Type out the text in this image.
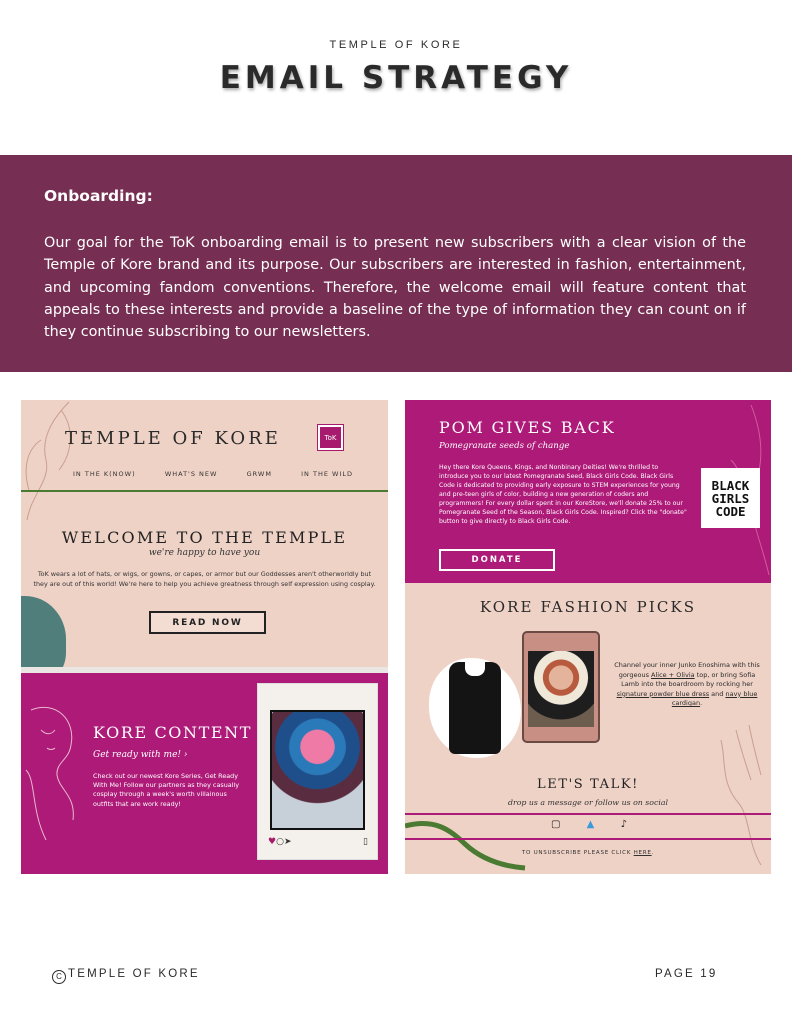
TEMPLE OF KORE
EMAIL STRATEGY
Onboarding:
Our goal for the ToK onboarding email is to present new subscribers with a clear vision of the Temple of Kore brand and its purpose. Our subscribers are interested in fashion, entertainment, and upcoming fandom conventions. Therefore, the welcome email will feature content that appeals to these interests and provide a baseline of the type of information they can count on if they continue subscribing to our newsletters.
TEMPLE OF KORE	ToK
IN THE K(NOW)	WHAT'S NEW	GRWM	IN THE WILD
WELCOME TO THE TEMPLE
we're happy to have you
ToK wears a lot of hats, or wigs, or gowns, or capes, or armor but our Goddesses aren't otherworldly but they are out of this world! We're here to help you achieve greatness through self expression using cosplay.
READ NOW
KORE CONTENT
Get ready with me! ›
Check out our newest Kore Series, Get Ready With Me! Follow our partners as they casually cosplay through a week's worth villainous outfits that are work ready!
♥ ○ ➤	▯
POM GIVES BACK
Pomegranate seeds of change
Hey there Kore Queens, Kings, and Nonbinary Deities! We're thrilled to introduce you to our latest Pomegranate Seed, Black Girls Code. Black Girls Code is dedicated to providing early exposure to STEM experiences for young and pre-teen girls of color, building a new generation of coders and programmers! For every dollar spent in our KoreStore, we'll donate 25% to our Pomegranate Seed of the Season, Black Girls Code. Inspired? Click the "donate" button to give directly to Black Girls Code.
DONATE
BLACK
GIRLS
CODE
KORE FASHION PICKS
Channel your inner Junko Enoshima with this gorgeous Alice + Olivia top, or bring Sofia Lamb into the boardroom by rocking her signature powder blue dress and navy blue cardigan.
LET'S TALK!
drop us a message or follow us on social
▢	▲	♪
TO UNSUBSCRIBE PLEASE CLICK HERE.
C TEMPLE OF KORE	PAGE 19
